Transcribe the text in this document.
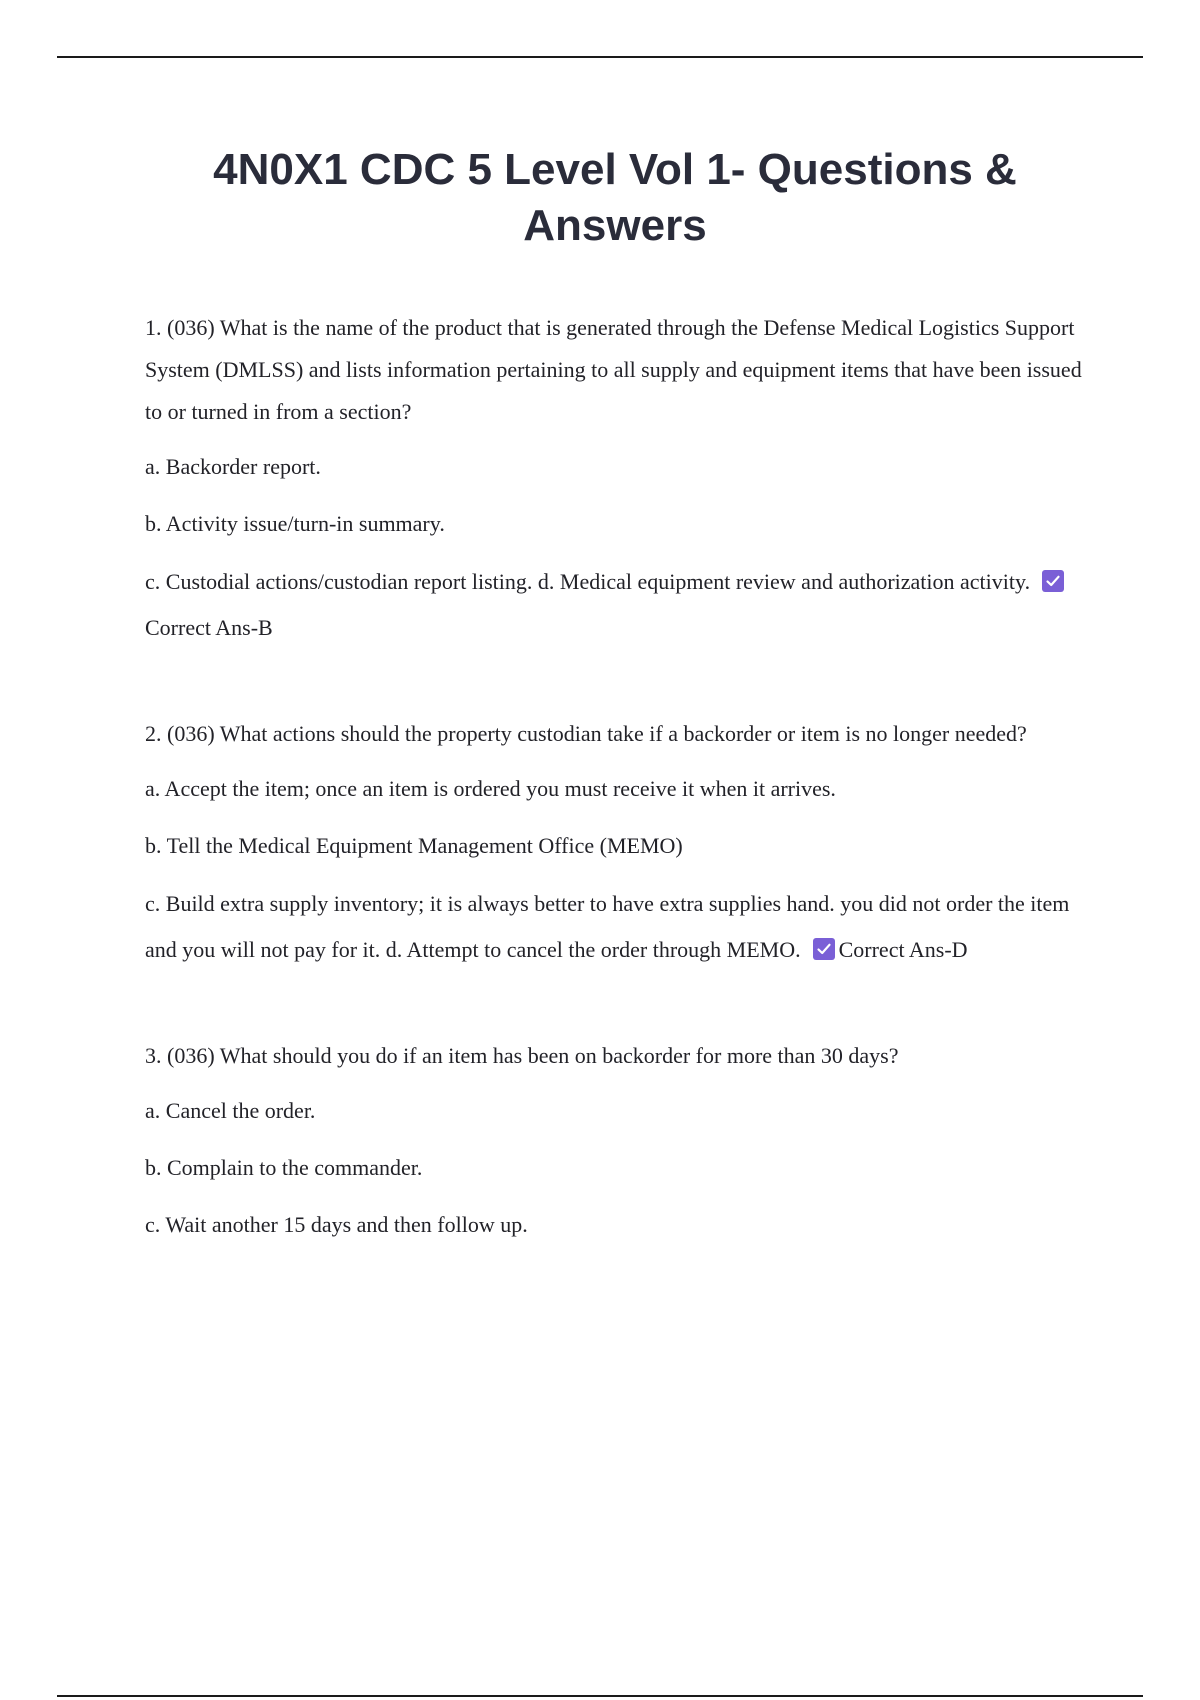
4N0X1 CDC 5 Level Vol 1- Questions & Answers

1. (036) What is the name of the product that is generated through the Defense Medical Logistics Support System (DMLSS) and lists information pertaining to all supply and equipment items that have been issued to or turned in from a section?

a. Backorder report.

b. Activity issue/turn-in summary.

c. Custodial actions/custodian report listing. d. Medical equipment review and authorization activity.
Correct Ans-B

2. (036) What actions should the property custodian take if a backorder or item is no longer needed?

a. Accept the item; once an item is ordered you must receive it when it arrives.

b. Tell the Medical Equipment Management Office (MEMO)

c. Build extra supply inventory; it is always better to have extra supplies hand. you did not order the item and you will not pay for it. d. Attempt to cancel the order through MEMO. Correct Ans-D

3. (036) What should you do if an item has been on backorder for more than 30 days?

a. Cancel the order.

b. Complain to the commander.

c. Wait another 15 days and then follow up.
